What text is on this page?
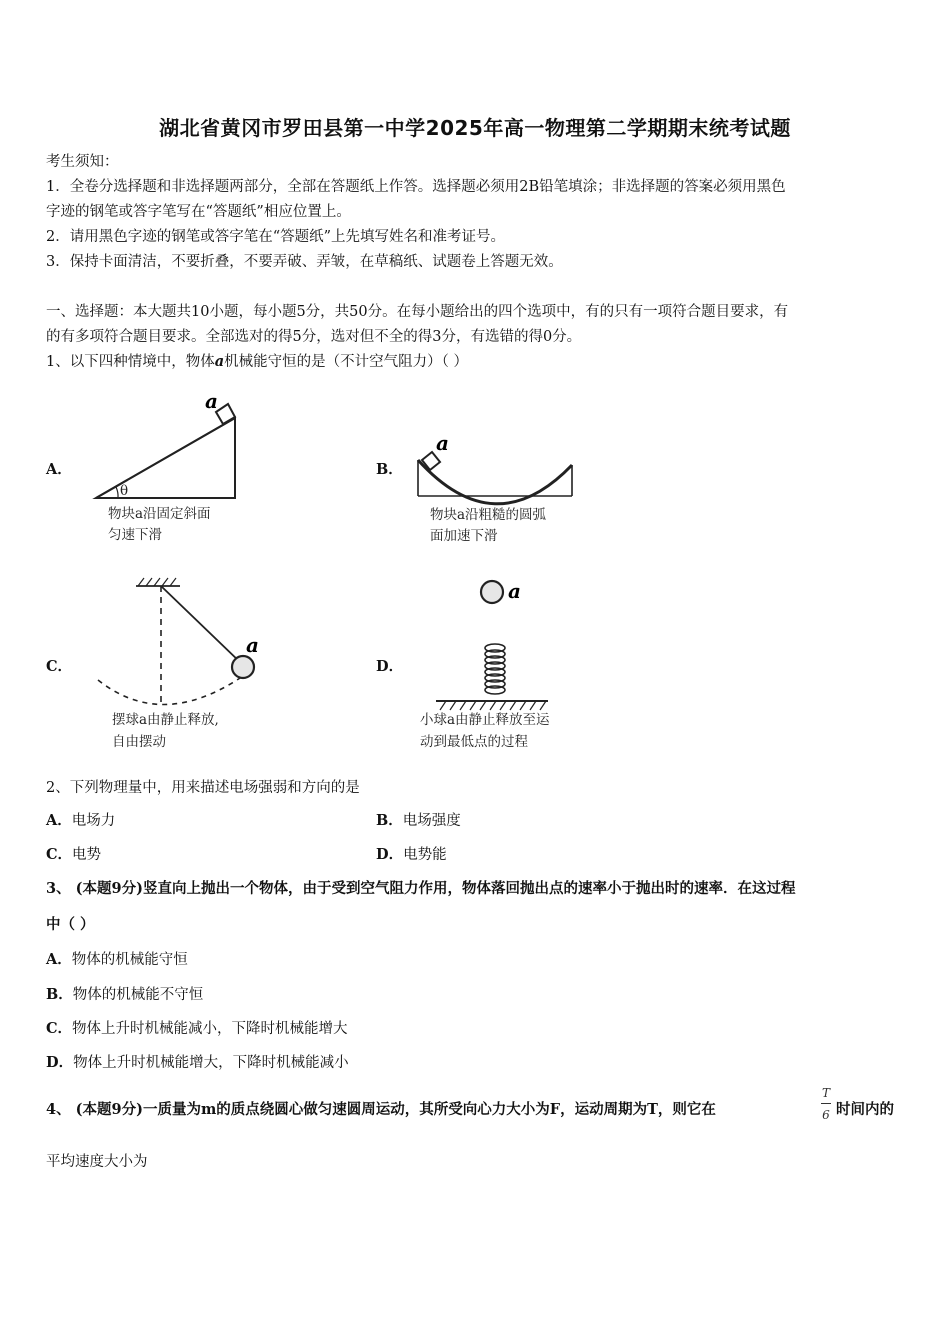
湖北省黄冈市罗田县第一中学2025年高一物理第二学期期末统考试题
考生须知：
1．全卷分选择题和非选择题两部分，全部在答题纸上作答。选择题必须用2B铅笔填涂；非选择题的答案必须用黑色
字迹的钢笔或答字笔写在“答题纸”相应位置上。
2．请用黑色字迹的钢笔或答字笔在“答题纸”上先填写姓名和准考证号。
3．保持卡面清洁，不要折叠，不要弄破、弄皱，在草稿纸、试题卷上答题无效。
一、选择题：本大题共10小题，每小题5分，共50分。在每小题给出的四个选项中，有的只有一项符合题目要求，有
的有多项符合题目要求。全部选对的得5分，选对但不全的得3分，有选错的得0分。
1、以下四种情境中，物体a机械能守恒的是（不计空气阻力）（ ）
A．
θ
a
物块a沿固定斜面
匀速下滑
B．
a
物块a沿粗糙的圆弧
面加速下滑
C．
a
摆球a由静止释放,
自由摆动
D．
a
小球a由静止释放至运
动到最低点的过程
2、下列物理量中，用来描述电场强弱和方向的是
A．电场力	B．电场强度
C．电势	D．电势能
3、 (本题9分)竖直向上抛出一个物体，由于受到空气阻力作用，物体落回抛出点的速率小于抛出时的速率．在这过程
中（ ）
A．物体的机械能守恒
B．物体的机械能不守恒
C．物体上升时机械能减小，下降时机械能增大
D．物体上升时机械能增大，下降时机械能减小
4、 (本题9分)一质量为m的质点绕圆心做匀速圆周运动，其所受向心力大小为F，运动周期为T，则它在
T
6 时间内的
平均速度大小为
